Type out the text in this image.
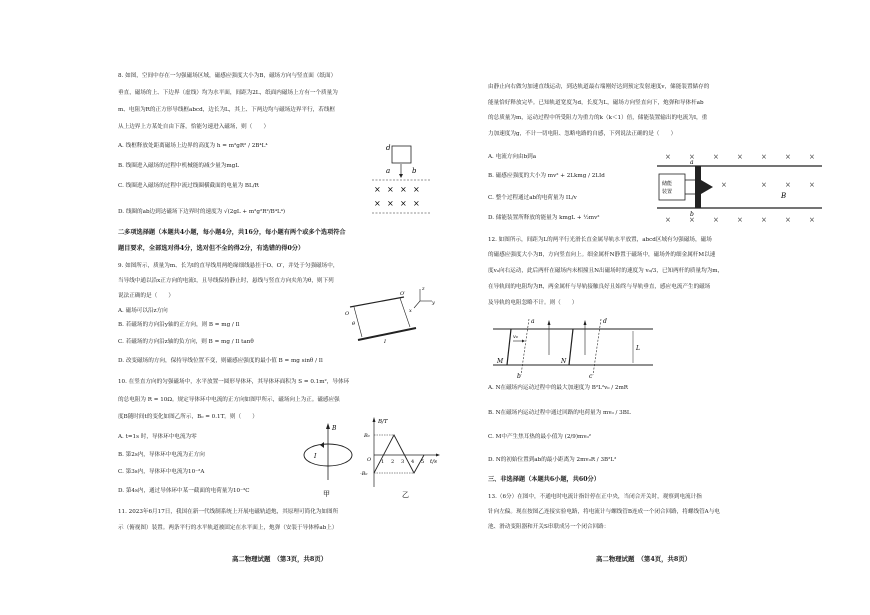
8. 如图，空间中存在一匀强磁场区域，磁感应强度大小为B，磁场方向与竖直面（纸面）
垂直，磁场的上、下边界（虚线）均为水平面，间距为2L，纸面内磁场上方有一个质量为
m、电阻为R的正方形导线框abcd，边长为L，其上、下两边均与磁场边界平行，若线框
从上边界上方某处自由下落，恰能匀速进入磁场，则（　　）
A. 线框释放处距离磁场上边界的高度为 h = m²gR² / 2B⁴L⁴
B. 线圈进入磁场的过程中机械能的减少量为mgL
C. 线圈进入磁场的过程中流过线圈横截面的电量为 BL/R
D. 线圈的ab边到达磁场下边界时的速度为 √(2gL + m²g²R²/B⁴L⁴)
d
a	b
× × × ×
× × × ×
二多项选择题（本题共4小题，每小题4分，共16分，每小题有两个或多个选项符合
题目要求，全部选对得4分，选对但不全的得2分，有选错的得0分）
9. 如图所示，质量为m、长为l的直导线用两绝缘细线悬挂于O、O′，并处于匀强磁场中，
当导线中通以沿x正方向的电流I，且导线保持静止时，悬线与竖直方向夹角为θ，则下列
说法正确的是（　　）
A. 磁场可以沿z方向
B. 若磁场的方向沿y轴的正方向，则 B = mg / Il
C. 若磁场的方向沿z轴的负方向，则 B = mg / Il tanθ
D. 改变磁场的方向，保持导线位置不变，则磁感应强度的最小值 B = mg sinθ / Il
z
y
x
O
O′
I
θ
10. 在竖直方向的匀强磁场中，水平放置一圆形导体环，其导体环面积为 S = 0.1m²，导体环
的总电阻为 R = 10Ω。规定导体环中电流的正方向如图甲所示，磁场向上为正。磁感应强
度B随时间t的变化如图乙所示，B₀ = 0.1T。则（　　）
A. t=1s 时，导体环中电流为零
B. 第2s内，导体环中电流为正方向
C. 第3s内，导体环中电流为10⁻²A
D. 第4s内，通过导体环中某一截面的电荷量为10⁻³C
B
I
甲
B/T
t/s
B₀
-B₀
O 1 2 3 4 5
乙
11. 2023年6月17日，我国在新一代线制系统上开展电磁轨道炮，其原理可简化为如图所
示（俯视图）装置。两条平行的水平轨道被固定在水平面上，炮弹（安装于导体棒ab上）
高二物理试题　（第3页，共8页）
由静止向右做匀加速直线运动，到达轨道最右端刚好达到预定发射速度v，储能装置储存的
能量恰好释放完毕。已知轨道宽度为d，长度为L，磁场方向竖直向下，炮弹和导体杆ab
的总质量为m，运动过程中所受阻力为重力的k（k＜1）倍，储能装置输出的电流为I，重
力加速度为g，不计一切电阻、忽略电路的自感，下列说法正确的是（　　）
A. 电流方向由b到a
B. 磁感应强度的大小为 mv² + 2Lkmg / 2LId
C. 整个过程通过ab的电荷量为 IL/v
D. 储能装置所释放的能量为 kmgL + ½mv²
×	×	×	×	×	×	×
×	×	×	×
×	×	×	×	×	×	×
储能
装置
a
b
B
12. 如图所示，间距为L的两平行光滑长直金属导轨水平放置，abcd区域有匀强磁场，磁场
的磁感应强度大小为B，方向竖直向上。细金属杆N静置于磁场中，磁场外的细金属杆M以速
度v₀向右运动，此后两杆在磁场内未相撞且N出磁场时的速度为 v₀/3，已知两杆的质量均为m，
在导轨间的电阻均为R，两金属杆与导轨接触良好且始终与导轨垂直，感应电流产生的磁场
及导轨的电阻忽略不计。则（　　）
a
b
d
c
M
v₀
N
L
A. N在磁场内运动过程中的最大加速度为 B²L²v₀ / 2mR
B. N在磁场内运动过程中通过回路的电荷量为 mv₀ / 3BL
C. M中产生焦耳热的最小值为 (2/9)mv₀²
D. N的初始位置到ab的最小距离为 2mv₀R / 3B²L²
三、非选择题（本题共6小题，共60分）
13.（6分）在图中，不通电时电流计指针停在正中央，当闭合开关时，观察到电流计指
针向左偏。现在按图乙连接实验电路，将电流计与螺线管B连成一个闭合回路，将螺线管A与电
池、滑动变阻器和开关S串联成另一个闭合回路：
高二物理试题　（第4页，共8页）
